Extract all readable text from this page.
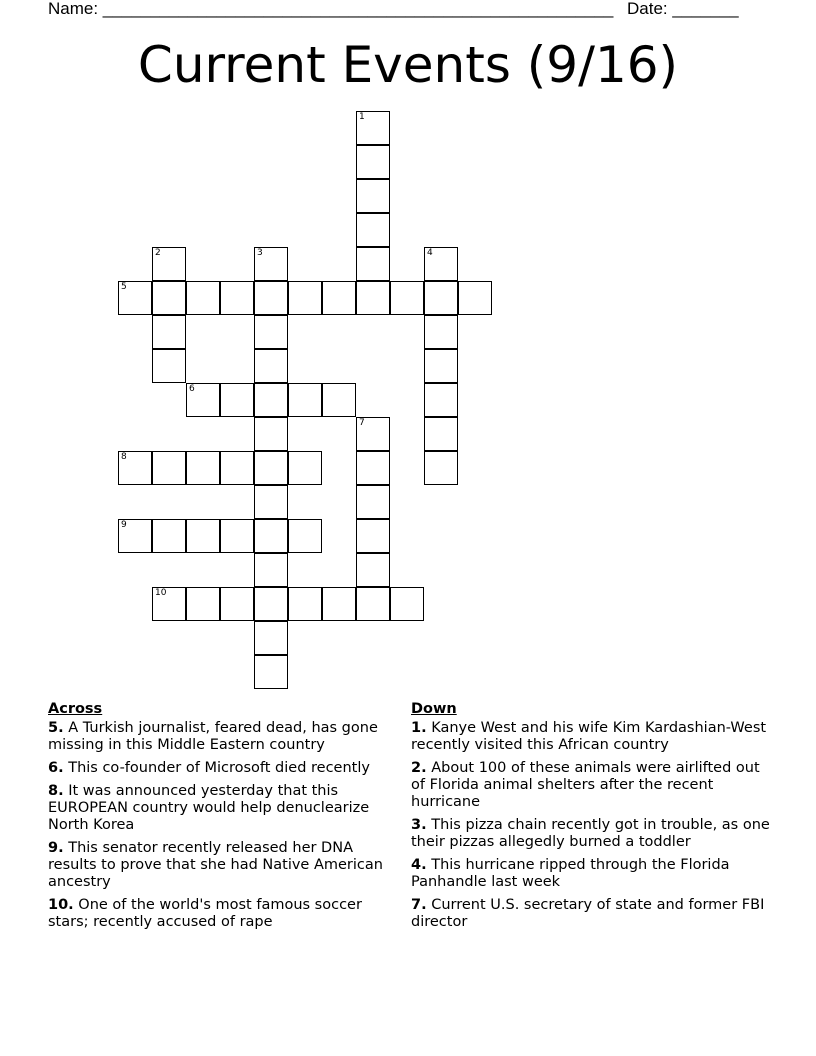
Name: ______________________________________________________ Date: _______
Current Events (9/16)
1
2	3	4
5
6
7
8
9
10
Across
5. A Turkish journalist, feared dead, has gone missing in this Middle Eastern country
6. This co-founder of Microsoft died recently
8. It was announced yesterday that this EUROPEAN country would help denuclearize North Korea
9. This senator recently released her DNA results to prove that she had Native American ancestry
10. One of the world's most famous soccer stars; recently accused of rape
Down
1. Kanye West and his wife Kim Kardashian-West recently visited this African country
2. About 100 of these animals were airlifted out of Florida animal shelters after the recent hurricane
3. This pizza chain recently got in trouble, as one their pizzas allegedly burned a toddler
4. This hurricane ripped through the Florida Panhandle last week
7. Current U.S. secretary of state and former FBI director
